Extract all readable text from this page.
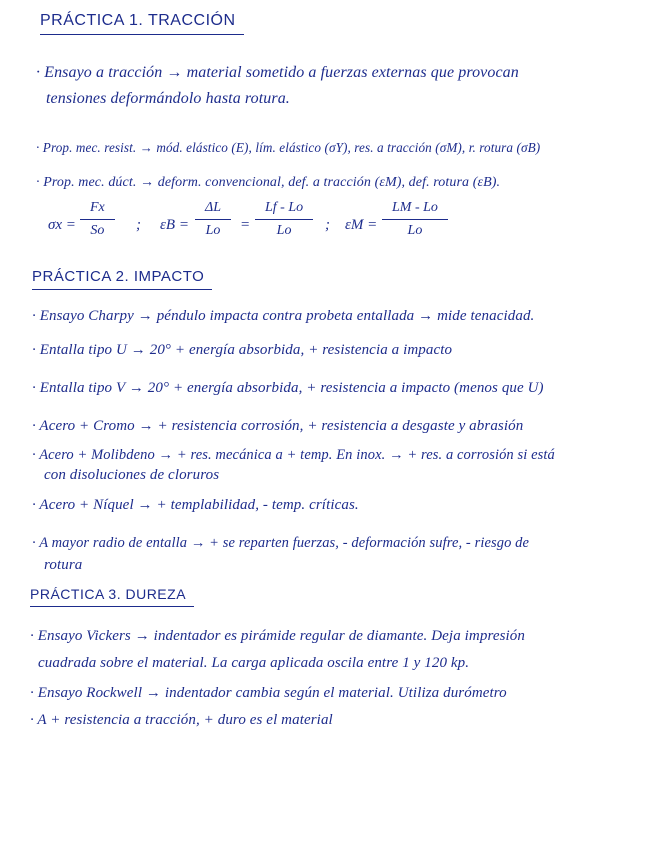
PRÁCTICA 1. TRACCIÓN
· Ensayo a tracción → material sometido a fuerzas externas que provocan
tensiones deformándolo hasta rotura.
· Prop. mec. resist. → mód. elástico (E), lím. elástico (σY), res. a tracción (σM), r. rotura (σB)
· Prop. mec. dúct. → deform. convencional, def. a tracción (εM), def. rotura (εB).
$\sigma x = \frac{Fx}{So}$ ; $\varepsilon B = \frac{\Delta L}{Lo} = \frac{Lf - Lo}{Lo}$ ; $\varepsilon M = \frac{LM - Lo}{Lo}$
PRÁCTICA 2. IMPACTO
· Ensayo Charpy → péndulo impacta contra probeta entallada → mide tenacidad.
· Entalla tipo U → 20° + energía absorbida, + resistencia a impacto
· Entalla tipo V → 20° + energía absorbida, + resistencia a impacto (menos que U)
· Acero + Cromo → + resistencia corrosión, + resistencia a desgaste y abrasión
· Acero + Molibdeno → + res. mecánica a + temp. En inox. → + res. a corrosión si está
con disoluciones de cloruros
· Acero + Níquel → + templabilidad, - temp. críticas.
· A mayor radio de entalla → + se reparten fuerzas, - deformación sufre, - riesgo de
rotura
PRÁCTICA 3. DUREZA
· Ensayo Vickers → indentador es pirámide regular de diamante. Deja impresión
cuadrada sobre el material. La carga aplicada oscila entre 1 y 120 kp.
· Ensayo Rockwell → indentador cambia según el material. Utiliza durómetro
· A + resistencia a tracción, + duro es el material
